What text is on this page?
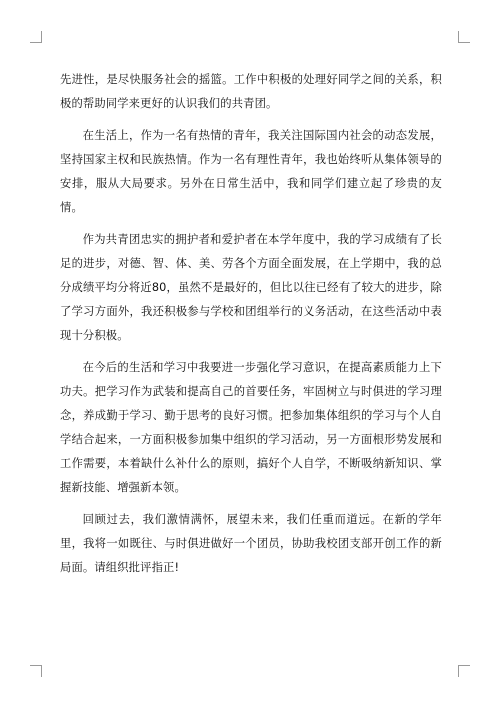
先进性，是尽快服务社会的摇篮。工作中积极的处理好同学之间的关系，积极的帮助同学来更好的认识我们的共青团。

在生活上，作为一名有热情的青年，我关注国际国内社会的动态发展，坚持国家主权和民族热情。作为一名有理性青年，我也始终听从集体领导的安排，服从大局要求。另外在日常生活中，我和同学们建立起了珍贵的友情。

作为共青团忠实的拥护者和爱护者在本学年度中，我的学习成绩有了长足的进步，对德、智、体、美、劳各个方面全面发展，在上学期中，我的总分成绩平均分将近80，虽然不是最好的，但比以往已经有了较大的进步，除了学习方面外，我还积极参与学校和团组举行的义务活动，在这些活动中表现十分积极。

在今后的生活和学习中我要进一步强化学习意识，在提高素质能力上下功夫。把学习作为武装和提高自己的首要任务，牢固树立与时俱进的学习理念，养成勤于学习、勤于思考的良好习惯。把参加集体组织的学习与个人自学结合起来，一方面积极参加集中组织的学习活动，另一方面根形势发展和工作需要，本着缺什么补什么的原则，搞好个人自学，不断吸纳新知识、掌握新技能、增强新本领。

回顾过去，我们激情满怀，展望未来，我们任重而道远。在新的学年里，我将一如既往、与时俱进做好一个团员，协助我校团支部开创工作的新局面。请组织批评指正!
